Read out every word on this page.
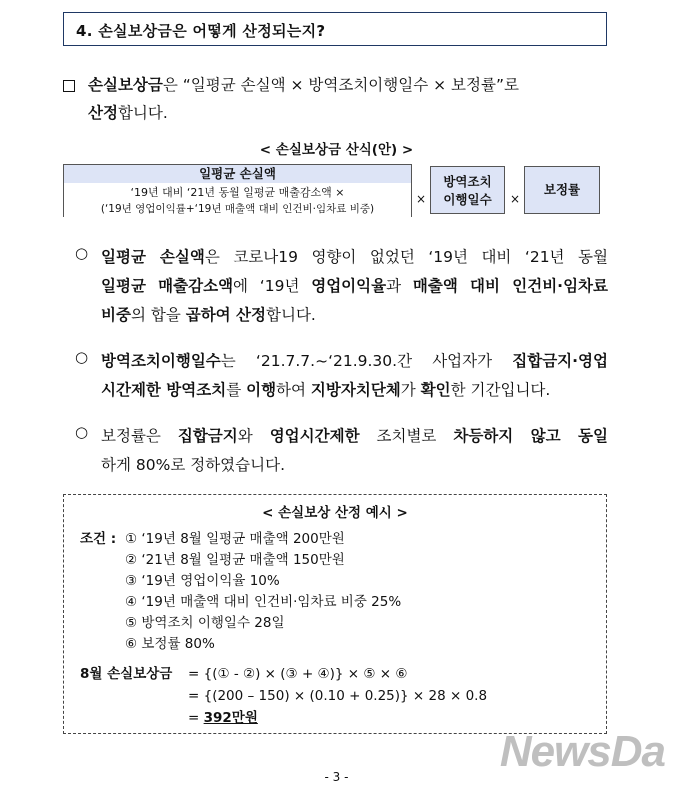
4. 손실보상금은 어떻게 산정되는지?
손실보상금은 “일평균 손실액 × 방역조치이행일수 × 보정률”로
산정합니다.
< 손실보상금 산식(안) >
일평균 손실액
‘19년 대비 ‘21년 동월 일평균 매출감소액 ×
(‘19년 영업이익률+‘19년 매출액 대비 인건비·임차료 비중)
×
방역조치
이행일수	×
보정률
○ 일평균 손실액은 코로나19 영향이 없었던 ‘19년 대비 ‘21년 동월
일평균 매출감소액에 ‘19년 영업이익율과 매출액 대비 인건비·임차료
비중의 합을 곱하여 산정합니다.
○ 방역조치이행일수는 ‘21.7.7.~‘21.9.30.간 사업자가 집합금지·영업
시간제한 방역조치를 이행하여 지방자치단체가 확인한 기간입니다.
○ 보정률은 집합금지와 영업시간제한 조치별로 차등하지 않고 동일
하게 80%로 정하였습니다.
< 손실보상 산정 예시 >
조건 : ① ‘19년 8월 일평균 매출액 200만원
② ‘21년 8월 일평균 매출액 150만원
③ ‘19년 영업이익율 10%
④ ‘19년 매출액 대비 인건비·임차료 비중 25%
⑤ 방역조치 이행일수 28일
⑥ 보정률 80%
8월 손실보상금 = {(① - ②) × (③ + ④)} × ⑤ × ⑥
= {(200 – 150) × (0.10 + 0.25)} × 28 × 0.8
= 392만원
NewsDa
- 3 -
